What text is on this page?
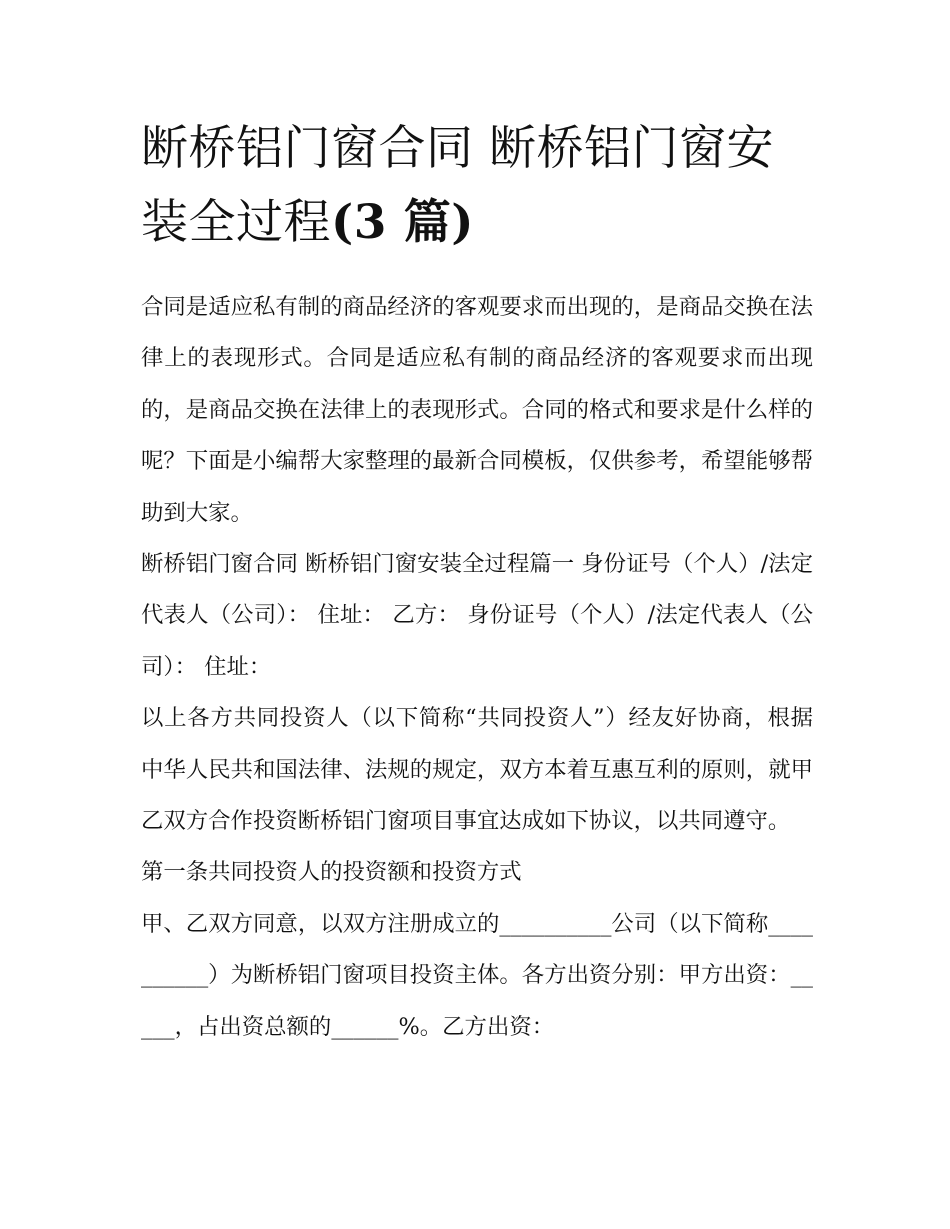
断桥铝门窗合同 断桥铝门窗安装全过程(3 篇)

合同是适应私有制的商品经济的客观要求而出现的，是商品交换在法律上的表现形式。合同是适应私有制的商品经济的客观要求而出现的，是商品交换在法律上的表现形式。合同的格式和要求是什么样的呢？下面是小编帮大家整理的最新合同模板，仅供参考，希望能够帮助到大家。

断桥铝门窗合同 断桥铝门窗安装全过程篇一 身份证号（个人）/法定代表人（公司）： 住址： 乙方： 身份证号（个人）/法定代表人（公司）： 住址：

以上各方共同投资人（以下简称“共同投资人”）经友好协商，根据中华人民共和国法律、法规的规定，双方本着互惠互利的原则，就甲乙双方合作投资断桥铝门窗项目事宜达成如下协议，以共同遵守。

第一条共同投资人的投资额和投资方式

甲、乙双方同意，以双方注册成立的__________公司（以下简称__________）为断桥铝门窗项目投资主体。各方出资分别：甲方出资：_____，占出资总额的______%。乙方出资：
